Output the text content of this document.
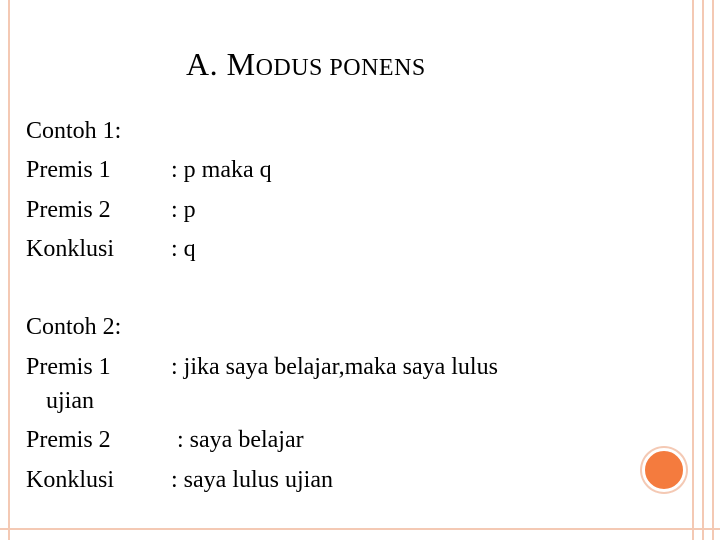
A. MODUS PONENS
Contoh 1:
Premis 1	: p maka q
Premis 2	: p
Konklusi : q
Contoh 2:
Premis 1	: jika saya belajar,maka saya lulus
ujian
Premis 2	: saya belajar
Konklusi : saya lulus ujian
